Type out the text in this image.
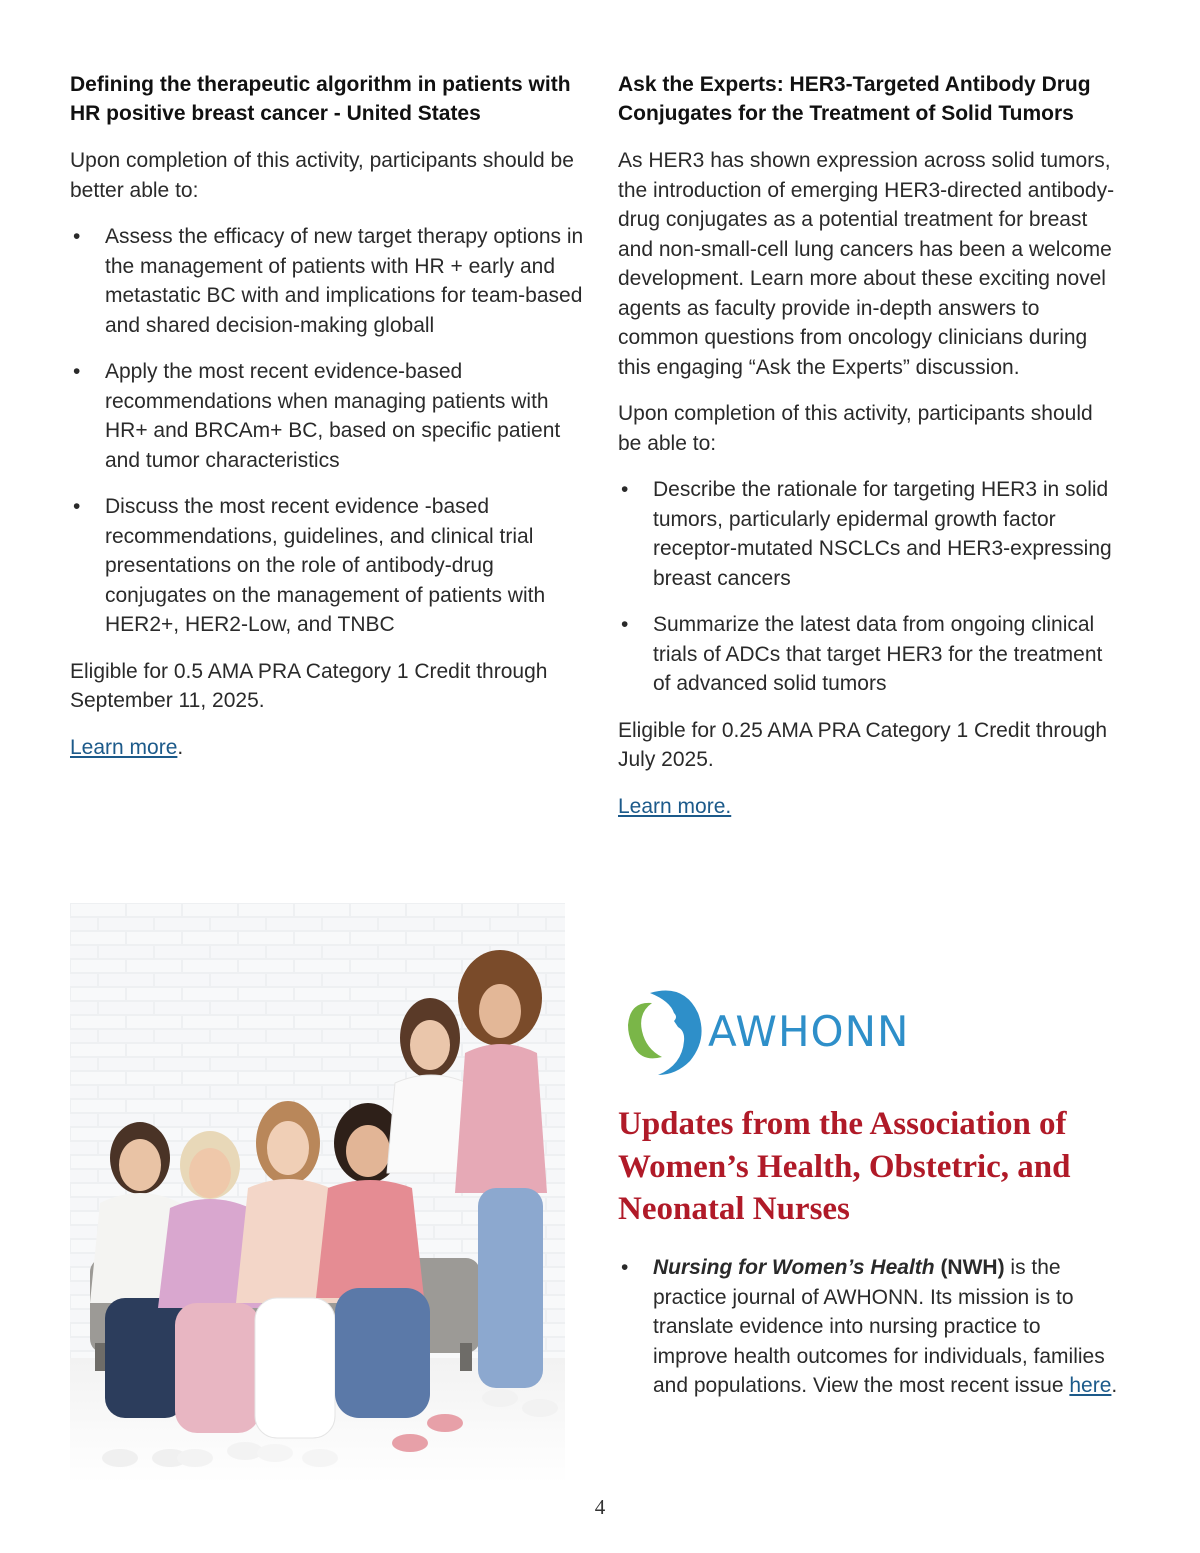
Defining the therapeutic algorithm in patients with HR positive breast cancer - United States

Upon completion of this activity, participants should be better able to:

• Assess the efficacy of new target therapy options in the management of patients with HR + early and metastatic BC with and implications for team-based and shared decision-making globall
• Apply the most recent evidence-based recommendations when managing patients with HR+ and BRCAm+ BC, based on specific patient and tumor characteristics
• Discuss the most recent evidence -based recommendations, guidelines, and clinical trial presentations on the role of antibody-drug conjugates on the management of patients with HER2+, HER2-Low, and TNBC

Eligible for 0.5 AMA PRA Category 1 Credit through September 11, 2025.

Learn more.

Ask the Experts: HER3-Targeted Antibody Drug Conjugates for the Treatment of Solid Tumors

As HER3 has shown expression across solid tumors, the introduction of emerging HER3-directed antibody-drug conjugates as a potential treatment for breast and non-small-cell lung cancers has been a welcome development. Learn more about these exciting novel agents as faculty provide in-depth answers to common questions from oncology clinicians during this engaging “Ask the Experts” discussion.

Upon completion of this activity, participants should be able to:

• Describe the rationale for targeting HER3 in solid tumors, particularly epidermal growth factor receptor-mutated NSCLCs and HER3-expressing breast cancers
• Summarize the latest data from ongoing clinical trials of ADCs that target HER3 for the treatment of advanced solid tumors

Eligible for 0.25 AMA PRA Category 1 Credit through July 2025.

Learn more.

AWHONN
Updates from the Association of Women’s Health, Obstetric, and Neonatal Nurses
• Nursing for Women’s Health (NWH) is the practice journal of AWHONN. Its mission is to translate evidence into nursing practice to improve health outcomes for individuals, families and populations. View the most recent issue here.
4
